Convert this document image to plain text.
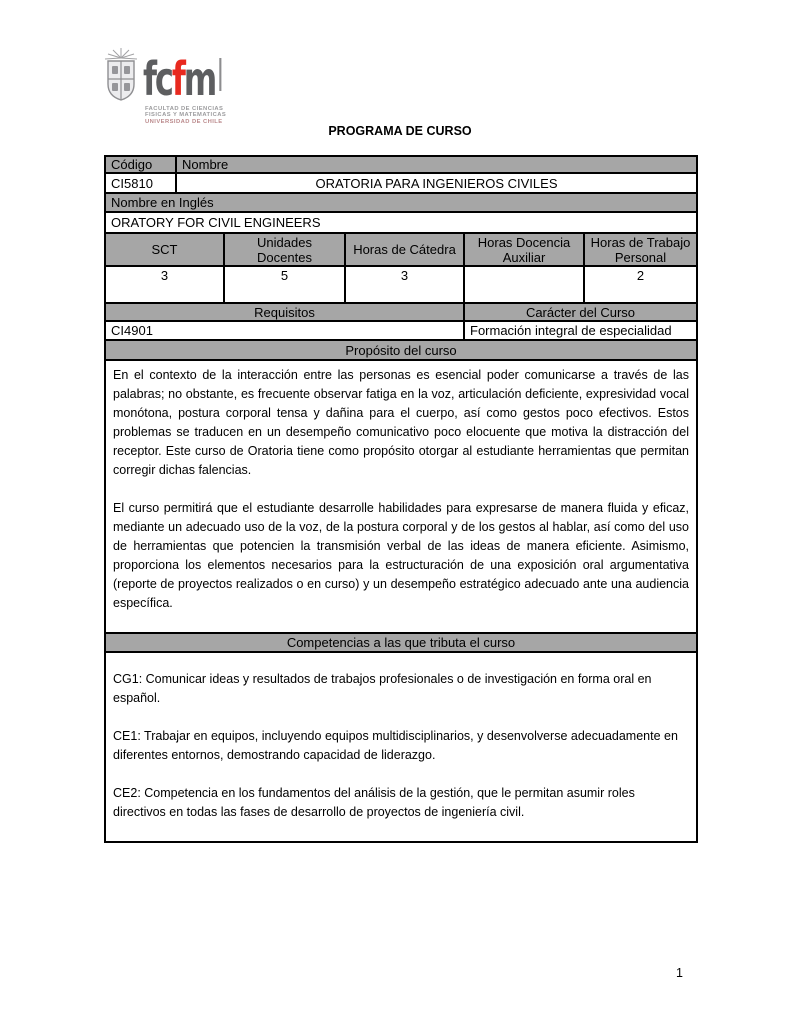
fcfm
FACULTAD DE CIENCIAS
FISICAS Y MATEMATICAS
UNIVERSIDAD DE CHILE
PROGRAMA DE CURSO
Código	Nombre
CI5810	ORATORIA PARA INGENIEROS CIVILES
Nombre en Inglés	
ORATORY FOR CIVIL ENGINEERS	
SCT	Unidades Docentes	Horas de Cátedra	Horas Docencia Auxiliar	Horas de Trabajo Personal
3	5	3		2
Requisitos			Carácter del Curso	
CI4901			Formación integral de especialidad	
Propósito del curso

En el contexto de la interacción entre las personas es esencial poder comunicarse a través de las palabras; no obstante, es frecuente observar fatiga en la voz, articulación deficiente, expresividad vocal monótona, postura corporal tensa y dañina para el cuerpo, así como gestos poco efectivos. Estos problemas se traducen en un desempeño comunicativo poco elocuente que motiva la distracción del receptor. Este curso de Oratoria tiene como propósito otorgar al estudiante herramientas que permitan corregir dichas falencias.

El curso permitirá que el estudiante desarrolle habilidades para expresarse de manera fluida y eficaz, mediante un adecuado uso de la voz, de la postura corporal y de los gestos al hablar, así como del uso de herramientas que potencien la transmisión verbal de las ideas de manera eficiente. Asimismo, proporciona los elementos necesarios para la estructuración de una exposición oral argumentativa (reporte de proyectos realizados o en curso) y un desempeño estratégico adecuado ante una audiencia específica.

Competencias a las que tributa el curso

CG1: Comunicar ideas y resultados de trabajos profesionales o de investigación en forma oral en español.

CE1: Trabajar en equipos, incluyendo equipos multidisciplinarios, y desenvolverse adecuadamente en diferentes entornos, demostrando capacidad de liderazgo.

CE2: Competencia en los fundamentos del análisis de la gestión, que le permitan asumir roles directivos en todas las fases de desarrollo de proyectos de ingeniería civil.

1
